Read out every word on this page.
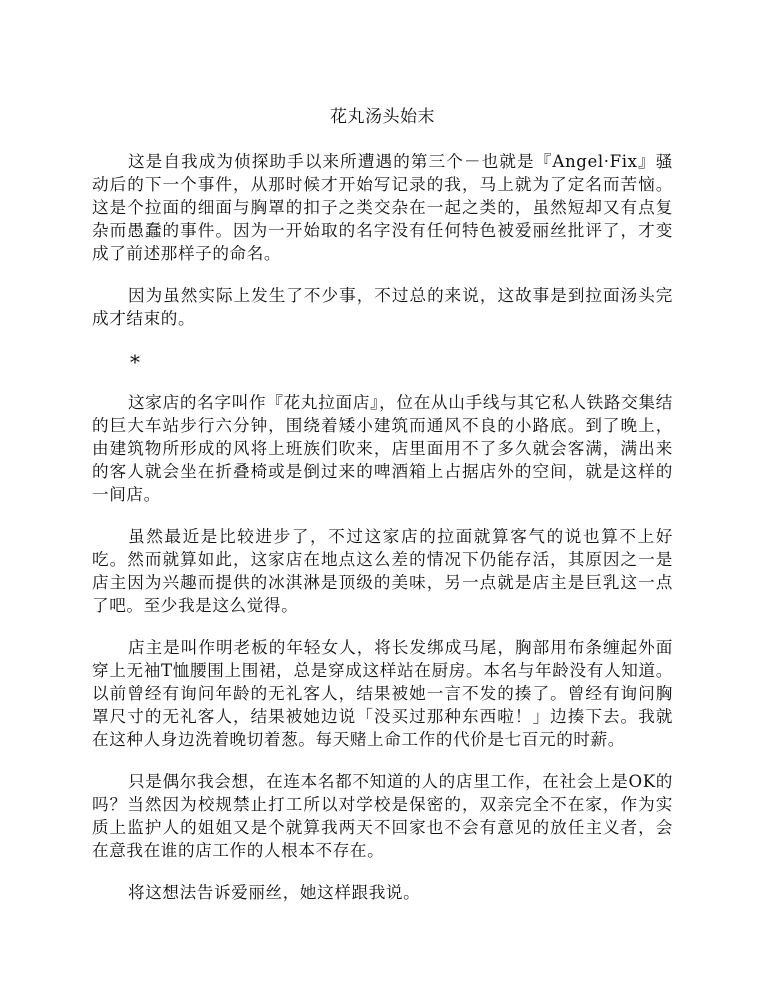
花丸汤头始末

这是自我成为侦探助手以来所遭遇的第三个－也就是『Angel·Fix』骚动后的下一个事件，从那时候才开始写记录的我，马上就为了定名而苦恼。这是个拉面的细面与胸罩的扣子之类交杂在一起之类的，虽然短却又有点复杂而愚蠢的事件。因为一开始取的名字没有任何特色被爱丽丝批评了，才变成了前述那样子的命名。

因为虽然实际上发生了不少事，不过总的来说，这故事是到拉面汤头完成才结束的。

*

这家店的名字叫作『花丸拉面店』，位在从山手线与其它私人铁路交集结的巨大车站步行六分钟，围绕着矮小建筑而通风不良的小路底。到了晚上，由建筑物所形成的风将上班族们吹来，店里面用不了多久就会客满，满出来的客人就会坐在折叠椅或是倒过来的啤酒箱上占据店外的空间，就是这样的一间店。

虽然最近是比较进步了，不过这家店的拉面就算客气的说也算不上好吃。然而就算如此，这家店在地点这么差的情况下仍能存活，其原因之一是店主因为兴趣而提供的冰淇淋是顶级的美味，另一点就是店主是巨乳这一点了吧。至少我是这么觉得。

店主是叫作明老板的年轻女人，将长发绑成马尾，胸部用布条缠起外面穿上无袖T恤腰围上围裙，总是穿成这样站在厨房。本名与年龄没有人知道。以前曾经有询问年龄的无礼客人，结果被她一言不发的揍了。曾经有询问胸罩尺寸的无礼客人，结果被她边说「没买过那种东西啦！」边揍下去。我就在这种人身边洗着晚切着葱。每天赌上命工作的代价是七百元的时薪。

只是偶尔我会想，在连本名都不知道的人的店里工作，在社会上是OK的吗？当然因为校规禁止打工所以对学校是保密的，双亲完全不在家，作为实质上监护人的姐姐又是个就算我两天不回家也不会有意见的放任主义者，会在意我在谁的店工作的人根本不存在。

将这想法告诉爱丽丝，她这样跟我说。
